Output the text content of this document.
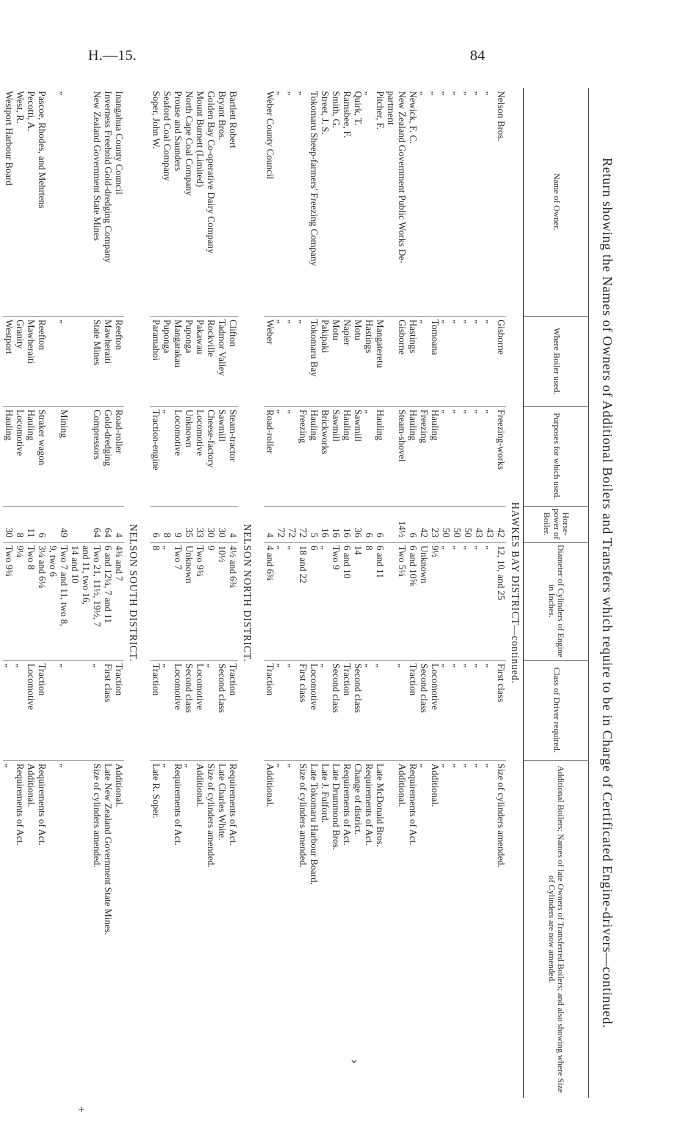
H.—15.	84
Return showing the Names of Owners of Additional Boilers and Transfers which require to be in Charge of Certificated Engine-drivers—continued.
Name of Owner.	Where Boiler used.	Purposes for which used.	Horse-power of Boiler.	Diameter of Cylinders of Engine in Inches.	Class of Driver required.	Additional Boilers; Names of late Owners of Transferred Boilers; and also showing where Size of Cylinders are now amended.
HAWKES BAY DISTRICT—continued.						
Nelson Bros.	Gisborne	Freezing-works	42	12, 10, and 25	First class	Size of cylinders amended.
„	„	„	43	„	„	„
„	„	„	43	„	„	„
„	„	„	50	„	„	„
„	„	„	50	„	„	„
„	„	„	50	„	„	„
„	Tomoana	Hauling	23	9½	Locomotive	Additional.
„	„	Freezing	42	Unknown	Second class	„
Newick, F. C.	Hastings	Hauling	6	6 and 10⅝	Traction	Requirements of Act.
New Zealand Government Public Works De-	Gisborne	Steam-shovel	14½	Two 5¼	„	Additional.
partment						
Pitcher, F.	Mangateretu	Hauling	6	6 and 11	„	Late McDonald Bros.
„	Hastings	„	6	8	„	Requirements of Act.
Quirk, T.	Motu	Sawmill	36	14	Second class	Change of district.
Ramsbee, F.	Napier	Hauling	16	6 and 10	Traction	Requirements of Act.
Smith, G.	Motu	Sawmill	16	Two 9	Second class	Late Drummond Bros.
Street, J. S.	Pakipaki	Brickworks	16	„	„	Late J. Fulford.
Tokomaru Sheep-farmers' Freezing Company	Tokomaru Bay	Hauling	5	6	Locomotive	Late Tokomaru Harbour Board.
„	„	Freezing	72	18 and 22	First class	Size of cylinders amended.
„	„	„	72	„	„	„
„	„	„	72	„	„	„
Weber County Council	Weber	Road-roller	4	4 and 6¾	Traction	Additional.

NELSON NORTH DISTRICT.						
Bartlett Robert	Clifton	Steam-tractor	4	4½ and 6¾	Traction	Requirements of Act.
Bryant Bros.	Tadmor Valley	Sawmill	30	10½	Second class	Late Charles White.
Golden Bay Co-operative Dairy Company	Rockville	Cheese-factory	30	9	„	Size of cylinders amended.
Mount Burnett (Limited)	Pakawau	Locomotive	33	Two 9¾	Locomotive	Additional.
North Cape Coal Company	Puponga	Unknown	35	Unknown	Second class	„
Prouse and Saunders	Mangarakau	Locomotive	9	Two 7	Locomotive	Requirements of Act.
Seaford Coal Company	Puponga	„	8	„	„	„
Soper, John W.	Paramahoi	Traction-engine	6	8	Traction	Late R. Soper.

NELSON SOUTH DISTRICT.						
Inangahua County Council	Reefton	Road-roller	4	4¾ and 7	Traction	Additional.
Inverness Freehold Gold-dredging Company	Mawheraiti	Gold-dredging	64	6 and 12¼, 7 and 11	First class	Late New Zealand Government State Mines.
New Zealand Government State Mines	State Mines	Compressors	64	Two 21, 11½, 19½, 7	„	Size of cylinders amended.
				and 11, two 16,		
				14 and 10		
„	„	Mining	49	Two 7 and 11, two 8,	„	„
				9, two 6		
Pascoe, Rhodes, and Mehrtens	Reefton	Straker wagon	6	3¼ and 6¼	Traction	Requirements of Act.
Pecotti, A.	Mawheraiti	Hauling	11	Two 8	Locomotive	Additional.
West, R.	Granity	Locomotive	8	9¼	„	Requirements of Act.
Westport Harbour Board	Westport	Hauling	30	Two 9¾	„	„
⌄
+
